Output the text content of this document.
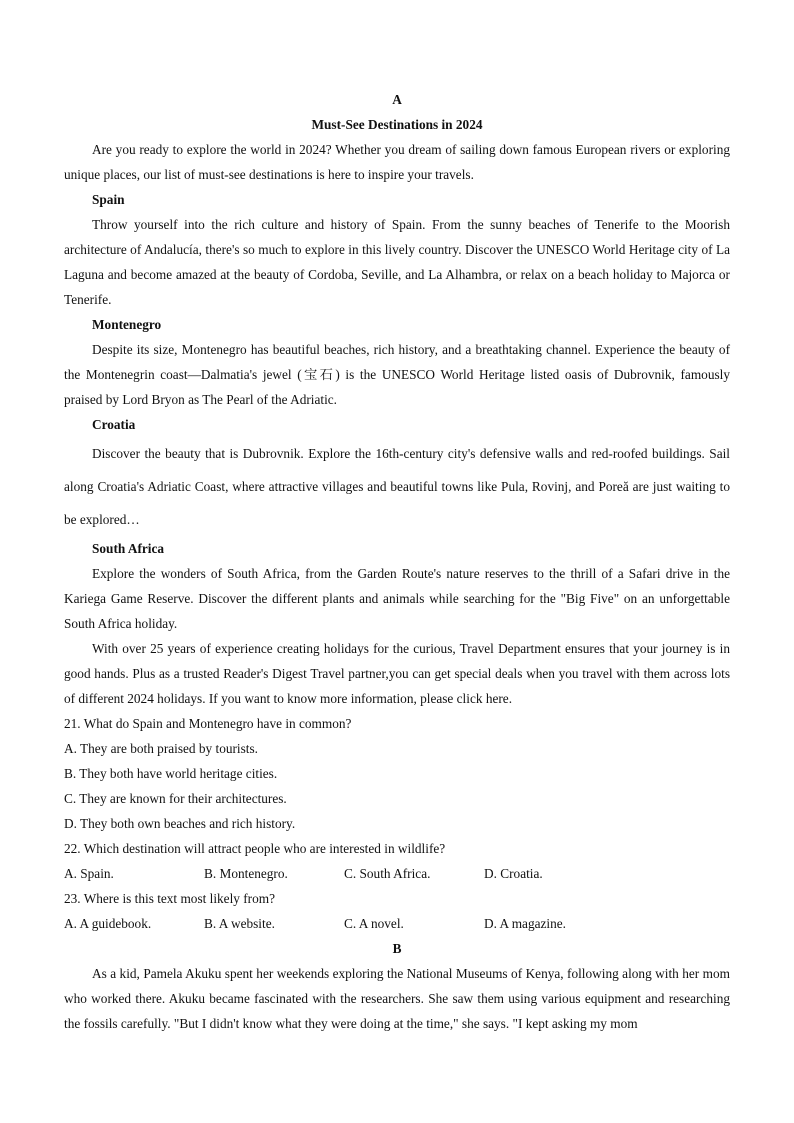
A

Must-See Destinations in 2024

Are you ready to explore the world in 2024? Whether you dream of sailing down famous European rivers or exploring unique places, our list of must-see destinations is here to inspire your travels.

Spain

Throw yourself into the rich culture and history of Spain. From the sunny beaches of Tenerife to the Moorish architecture of Andalucía, there's so much to explore in this lively country. Discover the UNESCO World Heritage city of La Laguna and become amazed at the beauty of Cordoba, Seville, and La Alhambra, or relax on a beach holiday to Majorca or Tenerife.

Montenegro

Despite its size, Montenegro has beautiful beaches, rich history, and a breathtaking channel. Experience the beauty of the Montenegrin coast—Dalmatia's jewel (宝石) is the UNESCO World Heritage listed oasis of Dubrovnik, famously praised by Lord Bryon as The Pearl of the Adriatic.

Croatia

Discover the beauty that is Dubrovnik. Explore the 16th-century city's defensive walls and red-roofed buildings. Sail along Croatia's Adriatic Coast, where attractive villages and beautiful towns like Pula, Rovinj, and Poreă are just waiting to be explored…

South Africa

Explore the wonders of South Africa, from the Garden Route's nature reserves to the thrill of a Safari drive in the Kariega Game Reserve. Discover the different plants and animals while searching for the "Big Five" on an unforgettable South Africa holiday.

With over 25 years of experience creating holidays for the curious, Travel Department ensures that your journey is in good hands. Plus as a trusted Reader's Digest Travel partner,you can get special deals when you travel with them across lots of different 2024 holidays. If you want to know more information, please click here.

21. What do Spain and Montenegro have in common?

A. They are both praised by tourists.

B. They both have world heritage cities.

C. They are known for their architectures.

D. They both own beaches and rich history.

22. Which destination will attract people who are interested in wildlife?

A. Spain.	B. Montenegro.	C. South Africa.	D. Croatia.

23. Where is this text most likely from?

A. A guidebook.	B. A website.	C. A novel.	D. A magazine.

B

As a kid, Pamela Akuku spent her weekends exploring the National Museums of Kenya, following along with her mom who worked there. Akuku became fascinated with the researchers. She saw them using various equipment and researching the fossils carefully. "But I didn't know what they were doing at the time," she says. "I kept asking my mom
